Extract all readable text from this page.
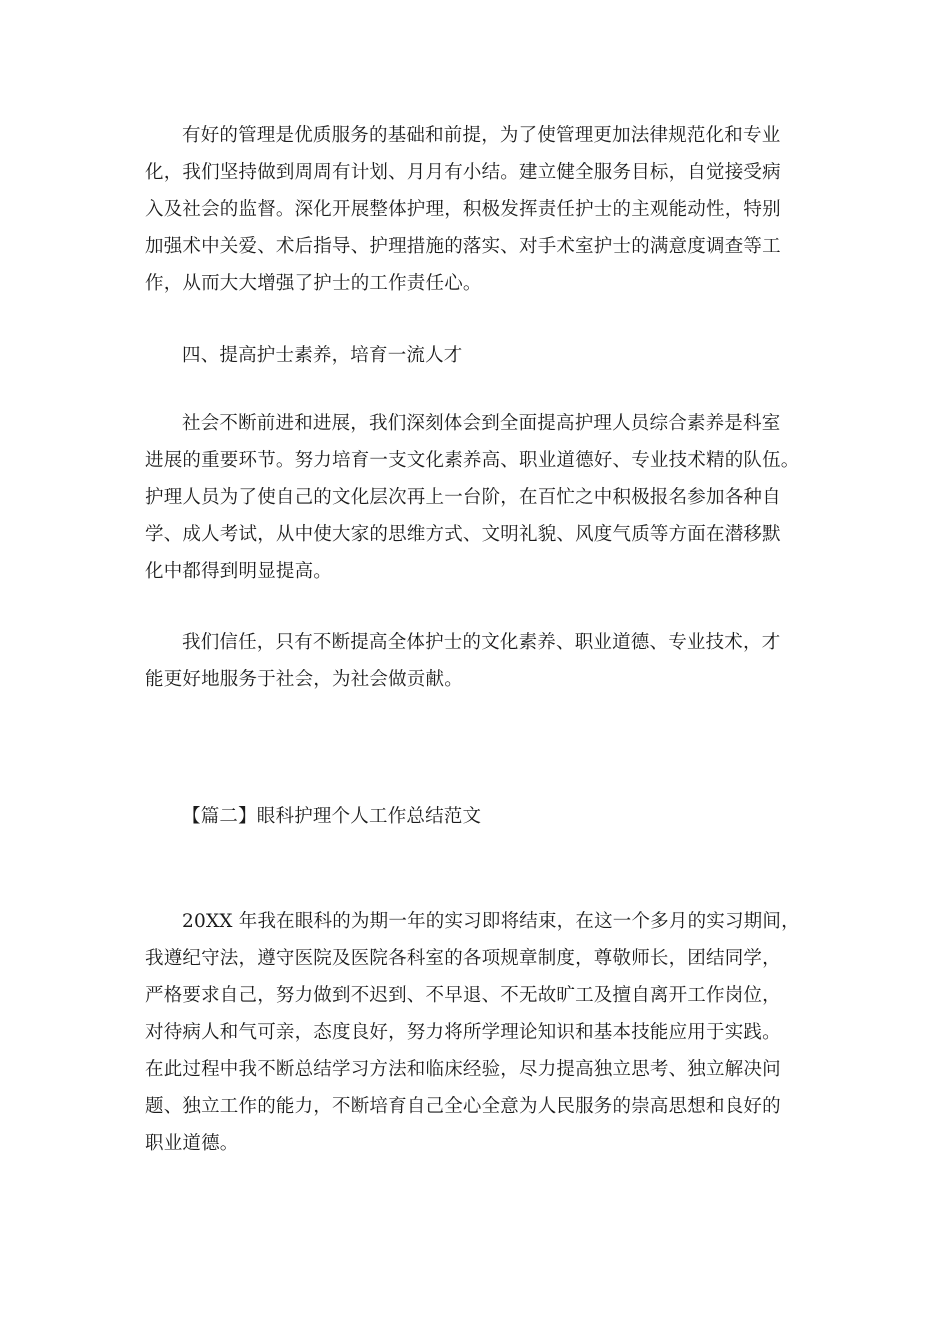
有好的管理是优质服务的基础和前提，为了使管理更加法律规范化和专业
化，我们坚持做到周周有计划、月月有小结。建立健全服务目标，自觉接受病
入及社会的监督。深化开展整体护理，积极发挥责任护士的主观能动性，特别
加强术中关爱、术后指导、护理措施的落实、对手术室护士的满意度调查等工
作，从而大大增强了护士的工作责任心。
四、提高护士素养，培育一流人才
社会不断前进和进展，我们深刻体会到全面提高护理人员综合素养是科室
进展的重要环节。努力培育一支文化素养高、职业道德好、专业技术精的队伍。
护理人员为了使自己的文化层次再上一台阶，在百忙之中积极报名参加各种自
学、成人考试，从中使大家的思维方式、文明礼貌、风度气质等方面在潜移默
化中都得到明显提高。
我们信任，只有不断提高全体护士的文化素养、职业道德、专业技术，才
能更好地服务于社会，为社会做贡献。
【篇二】眼科护理个人工作总结范文
20XX 年我在眼科的为期一年的实习即将结束，在这一个多月的实习期间，
我遵纪守法，遵守医院及医院各科室的各项规章制度，尊敬师长，团结同学，
严格要求自己，努力做到不迟到、不早退、不无故旷工及擅自离开工作岗位，
对待病人和气可亲，态度良好，努力将所学理论知识和基本技能应用于实践。
在此过程中我不断总结学习方法和临床经验，尽力提高独立思考、独立解决问
题、独立工作的能力，不断培育自己全心全意为人民服务的崇高思想和良好的
职业道德。
